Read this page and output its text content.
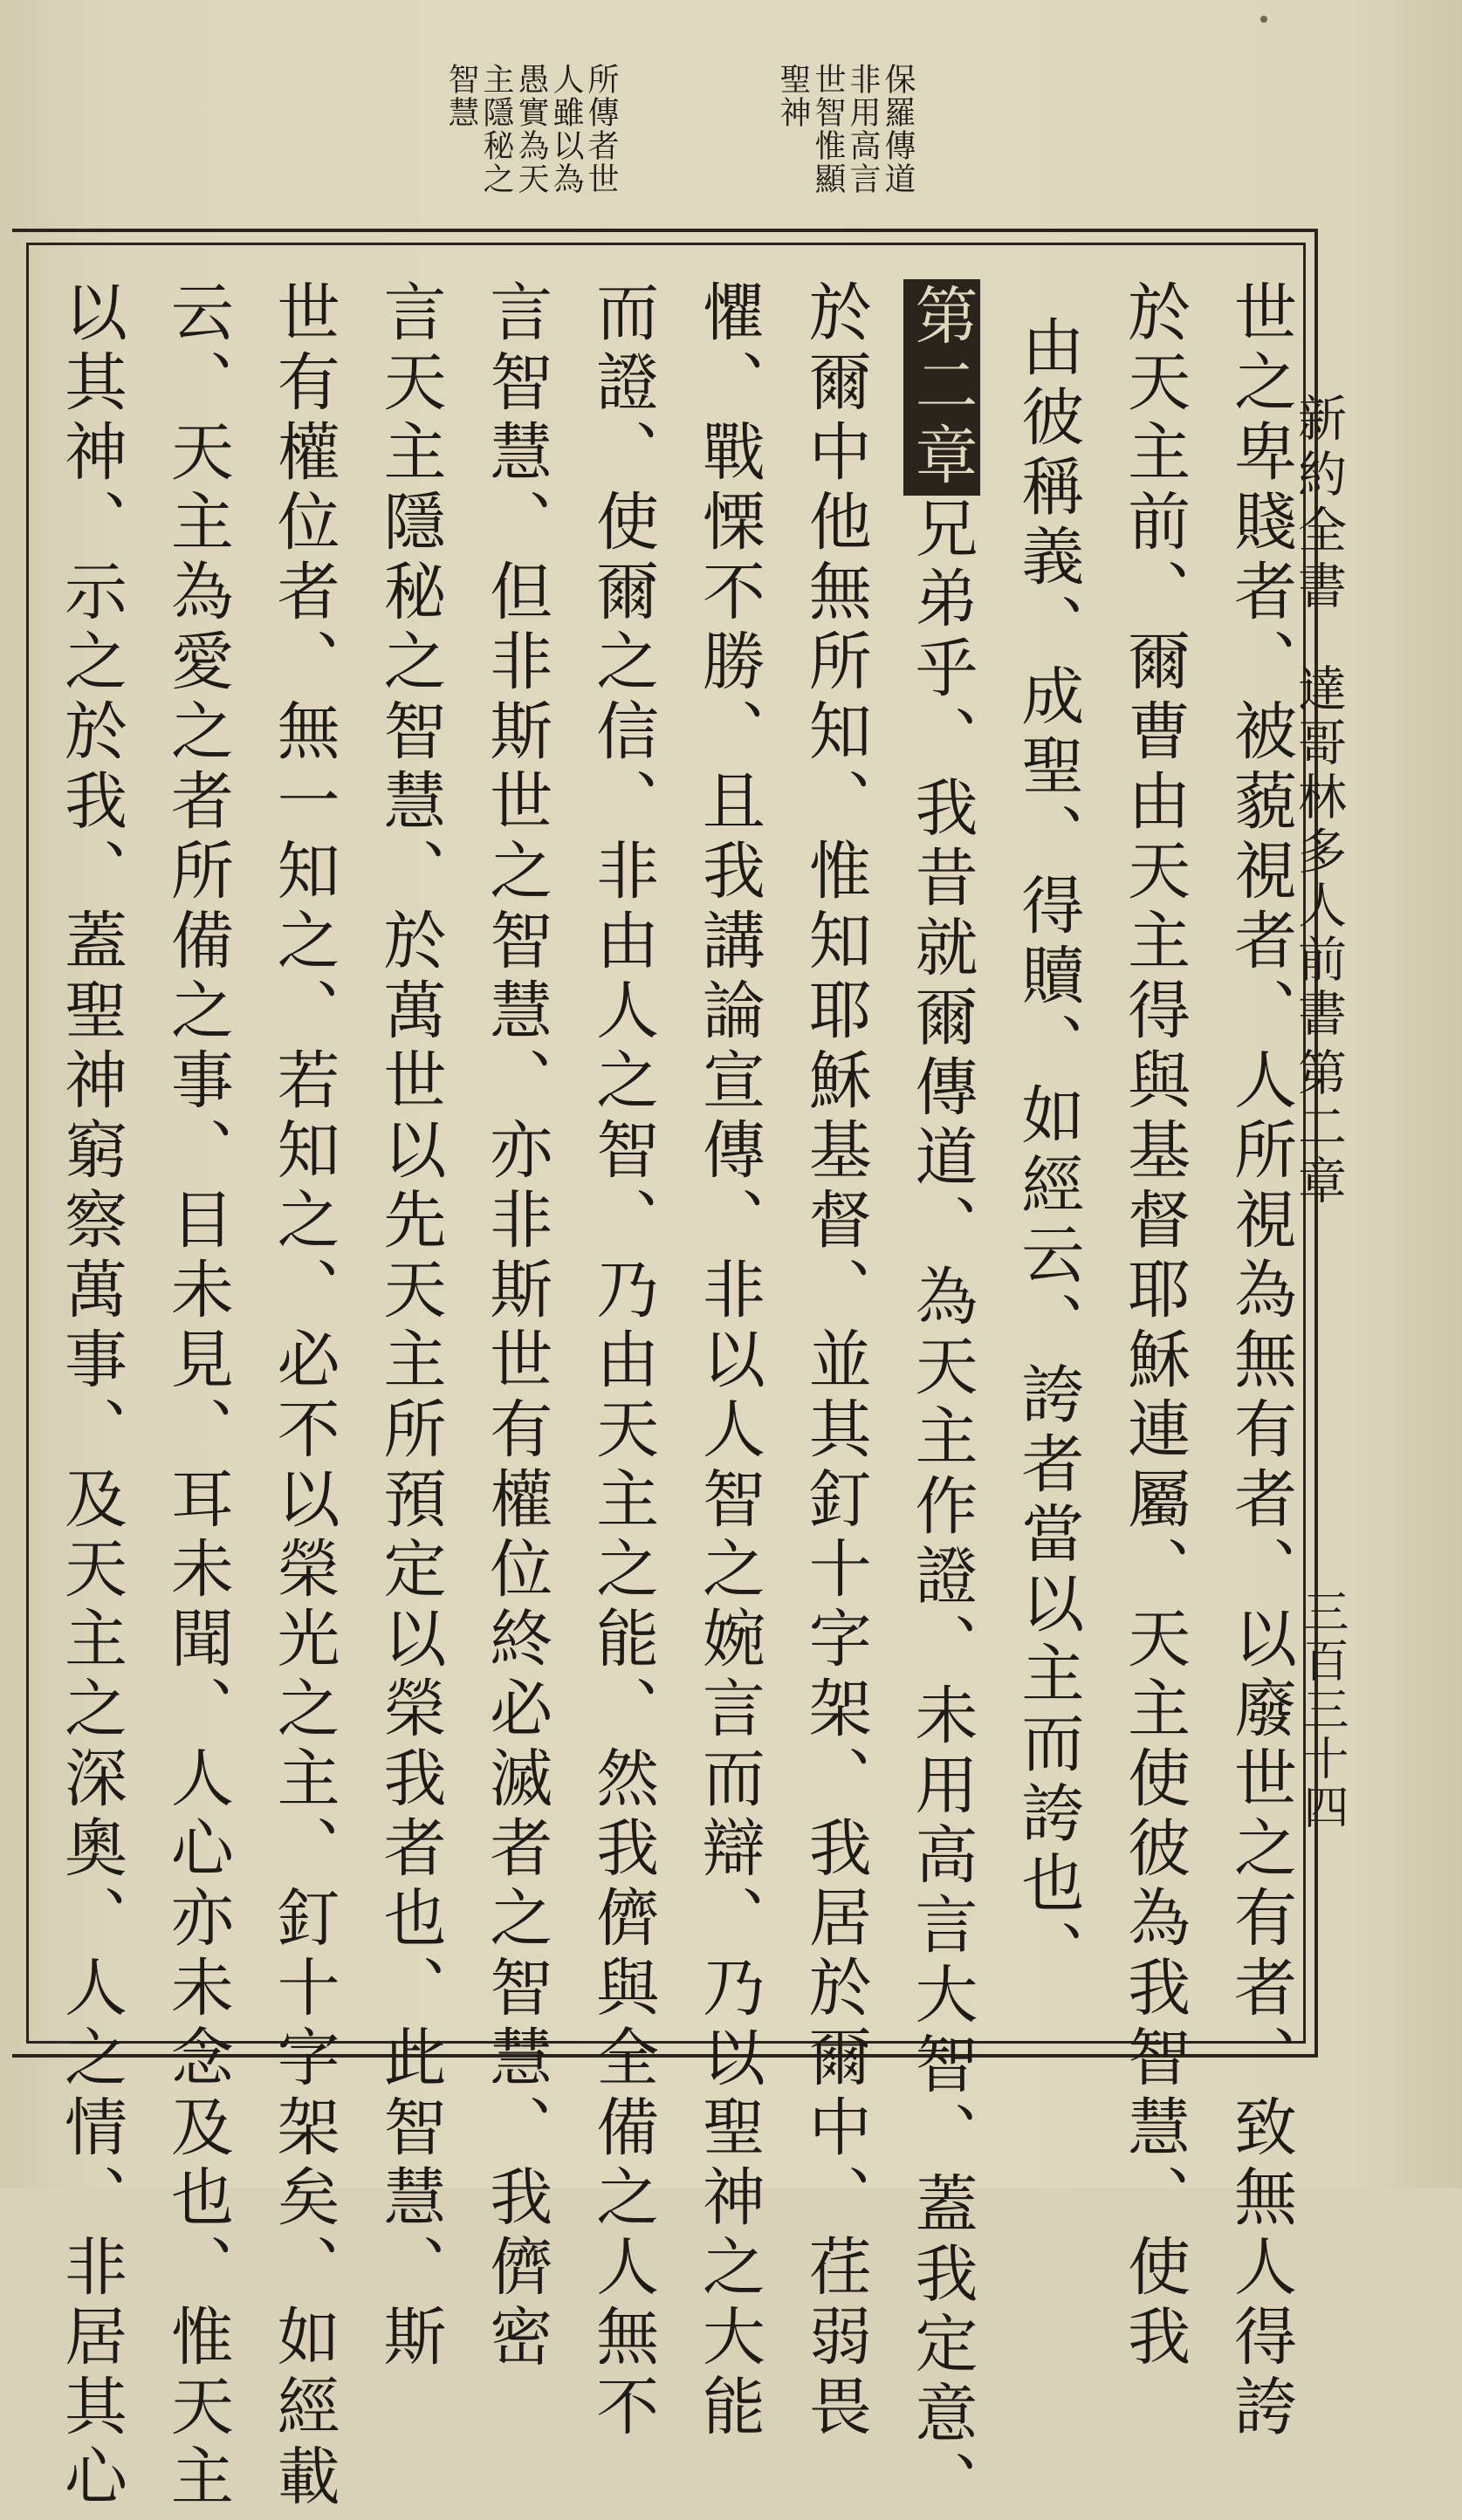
保羅傳道
非用高言
世智惟顯
聖神
所傳者世
人雖以為
愚實為天
主隱秘之
智慧
世之卑賤者、被藐視者、人所視為無有者、以廢世之有者、致無人得誇
於天主前、爾曹由天主得與基督耶穌連屬、天主使彼為我智慧、使我
由彼稱義、成聖、得贖、如經云、誇者當以主而誇也、
第二章兄弟乎、我昔就爾傳道、為天主作證、未用高言大智、蓋我定意、
於爾中他無所知、惟知耶穌基督、並其釘十字架、我居於爾中、荏弱畏
懼、戰慄不勝、且我講論宣傳、非以人智之婉言而辯、乃以聖神之大能
而證、使爾之信、非由人之智、乃由天主之能、然我儕與全備之人無不
言智慧、但非斯世之智慧、亦非斯世有權位終必滅者之智慧、我儕密
言天主隱秘之智慧、於萬世以先天主所預定以榮我者也、此智慧、斯
世有權位者、無一知之、若知之、必不以榮光之主、釘十字架矣、如經載
云、天主為愛之者所備之事、目未見、耳未聞、人心亦未念及也、惟天主
以其神、示之於我、蓋聖神窮察萬事、及天主之深奧、人之情、非居其心	新約全書
達哥林多人前書
第二章
三百三十四
